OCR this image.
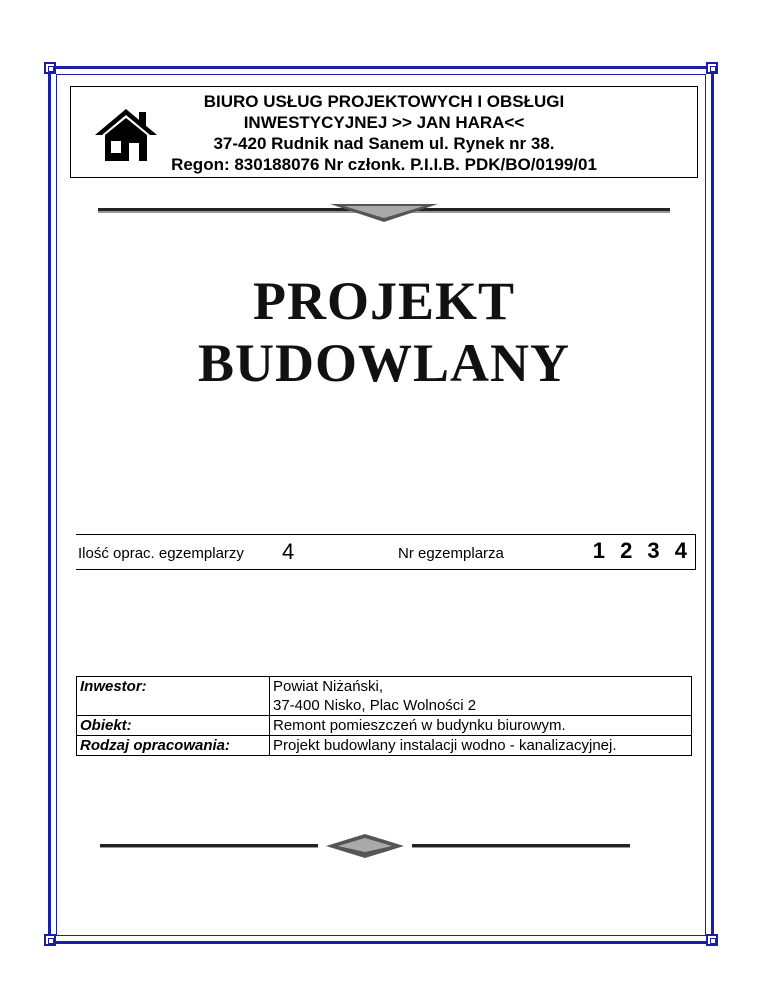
BIURO USŁUG PROJEKTOWYCH I OBSŁUGI
INWESTYCYJNEJ >> JAN HARA<<
37-420 Rudnik nad Sanem ul. Rynek nr 38.
Regon: 830188076 Nr członk. P.I.I.B. PDK/BO/0199/01
PROJEKT
BUDOWLANY
Ilość oprac. egzemplarzy 4	Nr egzemplarza	1 2 3 4
Inwestor:	Powiat Niżański,
	37-400 Nisko, Plac Wolności 2
Obiekt:	Remont pomieszczeń w budynku biurowym.
Rodzaj opracowania:	Projekt budowlany instalacji wodno - kanalizacyjnej.
